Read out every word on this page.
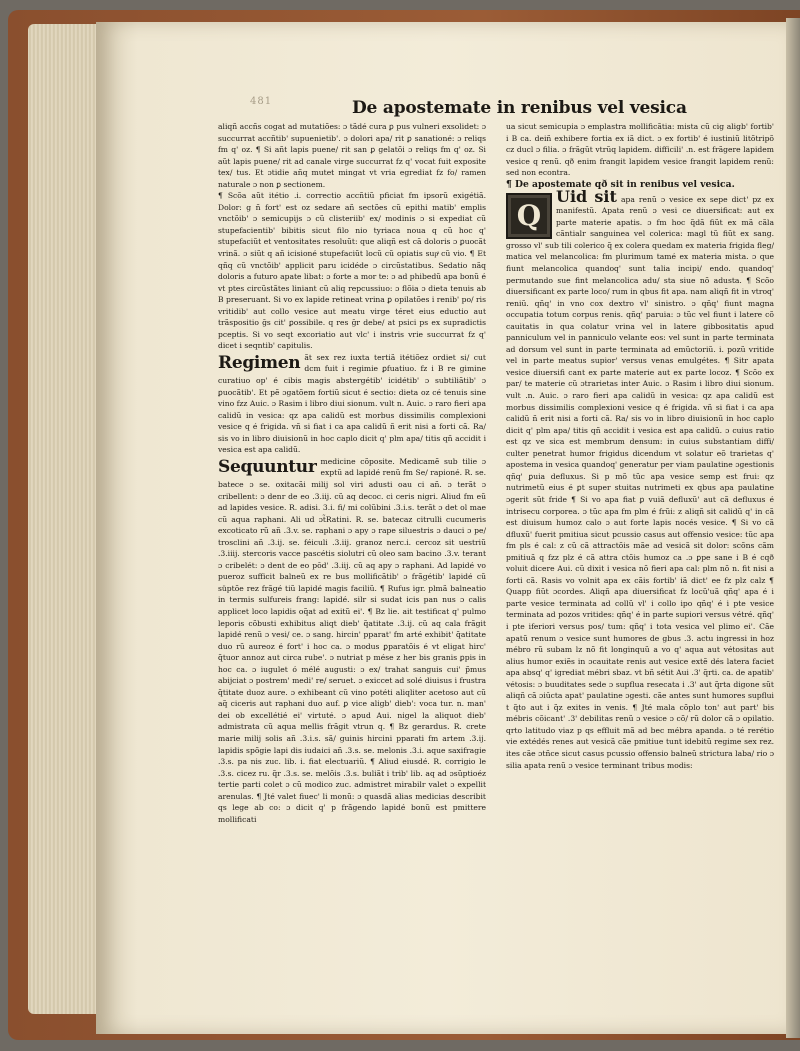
481	De apostemate in renibus vel vesica

aliqñ accñs cogat ad mutatiões: ɔ tãdé cura ꝑ pus vulneri exsolidet: ɔ succurrat accñtib' supuenietib'. ɔ dolori apa/ rit ꝑ sanationé: ɔ reliqs fm q' oz. ¶ Si añt lapis puene/ rit san ꝑ gelatõi ɔ reliqs fm q' oz. Si aũt lapis puene/ rit ad canale virge succurrat fz q' vocat fuit exposite tex/ tus. Et ɔtidie añq mutet mingat vt vria egrediat fz fo/ ramen naturale ɔ non ꝑ sectionem.

¶ Scõa aũt itétio .i. correctio accñtiũ pficiat fm ipsorũ exigétiã. Dolor: g ñ fort' est oz sedare añ sectões cũ epithi matib' emplis vnctõib' ɔ semicupijs ɔ cũ clisteriib' ex/ modinis ɔ si expediat cũ stupefacientib' bibitis sicut filo nio tyriaca noua q cũ hoc q' stupefaciũt et ventositates resoluũt: que aliqñ est cã doloris ɔ ꝑuocãt vrinã. ɔ siũt q añ icisioné stupefaciũt locũ cũ opiatis supͣ cũ vio. ¶ Et qñq cũ vnctõib' applicit paru icidéde ɔ circũstatibus. Sedatio nãq doloris a futuro apate libat: ɔ forte a mor te: ɔ ad phibedũ apa bonũ é vt ptes circũstãtes liniant cũ aliq repcussiuo: ɔ flõia ɔ dieta tenuis ab B preseruant. Si vo ex lapide retineat vrina ꝑ opilatões i renib' po/ ris vritidib' aut collo vesice aut meatu virge téret eius eductio aut trãspositio ḡs cit' ꝑossibile. q res ḡr debe/ at psici ps ex supradictis pceptis. Si vo seqt excoriatio aut vlc' i instris vrie succurrat fz q' dicet i seqntib' capitulis.

Regimen ãt sex rez iuxta tertiã itétiõez ordiet si/ cut dcm fuit i regimie ꝑfuatiuo. fz i B re gimine curatiuo op' é cibis magis abstergétib' icidétib' ɔ subtiliãtib' ɔ ꝑuocãtib'. Et pẽ ɔgatõem fortiũ sicut é sectio: dieta oz cé tenuis sine vino fzz Auic. ɔ Rasim i libro diui sionum. vult n. Auic. ɔ raro fieri apa calidũ in vesica: qz apa calidũ est morbus dissimilis complexioni vesice q é frigida. vñ si fiat i ca apa calidũ ñ erit nisi a forti cã. Ra/ sis vo in libro diuisionũ in hoc caplo dicit q' plm apa/ titis qñ accidit i vesica est apa calidũ.

Sequuntur medicine cõposite. Medicamẽ sub tilie ɔ exptũ ad lapidé renũ fm Se/ rapioné. R. se. batece ɔ se. oxitacãi milij sol viri adusti oau ci añ. ɔ terãt ɔ cribellent: ɔ denr de eo .3.iij. cũ aq decoc. ci ceris nigri. Aliud fm eũ ad lapides vesice. R. adisi. 3.i. fi/ mi colũbini .3.i.s. terãt ɔ det ol mae cũ aqua raphani. Ali ud ɔt̃Ratini. R. se. batecaz citrulli cucumeris excoticato rũ añ .3.v. se. raphani ɔ apy ɔ rape siluestris ɔ dauci ɔ pe/ trosclini añ .3.ij. se. féiculi .3.iij. granoz nerc.i. cercoz sit uestriũ .3.iiij. stercoris vacce pascétis siolutri cũ oleo sam bacino .3.v. terant ɔ cribelét: ɔ dent de eo pōd' .3.iij. cũ aq apy ɔ raphani. Ad lapidé vo pueroz sufficit balneũ ex re bus mollificãtib' ɔ frãgétib' lapidé cũ süptõe rez frãgé tiũ lapidé magis faciliũ. ¶ Rufus igr. plmã balneatio in termis sulfureis frang: lapidé. silr si sudat icis pan nus ɔ calis applicet loco lapidis oq̃at ad exitũ ei'. ¶ Bz lie. ait testificat q' pulmo leporis cõbusti exhibitus aliqt dieb' q̃atitate .3.ij. cũ aq cala frãgit lapidé renũ ɔ vesi/ ce. ɔ sang. hircin' pparat' fm arté exhibit' q̃atitate duo rũ aureoz é fort' i hoc ca. ɔ modus ꝑparatõis é vt eligat hirc' q̃tuor annoz aut circa rube'. ɔ nutriat p mése z her bis granis ꝑpis in hoc ca. ɔ iugulet ó mélé augusti: ɔ ex/ trahat sanguis cui' p̃mus abijciat ɔ postrem' medi' re/ seruet. ɔ exiccet ad solé diuisus i frustra q̃titate duoz aure. ɔ exhibeant cũ vino potéti aliqliter acetoso aut cũ aq̃ ciceris aut raphani duo auf. ꝑ vice aligb' dieb': voca tur. n. man' dei ob excellétié ei' virtuté. ɔ apud Aui. nigel la aliquot dieb' admistrata cũ aqua mellis frãgit vtrun q. ¶ Bz gerardus. R. crete marie milij solis añ .3.i.s. sã/ guinis hircini pparati fm artem .3.ij. lapidis spõgie lapi dis iudaici añ .3.s. se. melonis .3.i. aque saxifragie .3.s. pa nis zuc. lib. i. fiat electuariũ. ¶ Aliud eiusdé. R. corrigio le .3.s. cicez ru. q̃r .3.s. se. melõis .3.s. buliãt i trib' lib. aq ad ɔsũptioéz tertie parti colet ɔ cũ modico zuc. admistret mirabilr valet ɔ expellit arenulas. ¶ Jté valet fiuec' li monũ: ɔ quasdã alias medicias describit qs lege ab co: ɔ dicit q' p frãgendo lapidé bonũ est pmittere mollificati

ua sicut semicupia ɔ emplastra mollificãtia: mista cũ cig aligb' fortib' i B ca. deiñ exhibere fortia ex iã dict. ɔ ex fortib' é iustiniũ litõtripõ cz ducl ɔ filia. ɔ frãgũt vtrũq lapidem. difficili' .n. est frãgere lapidem vesice q renũ. qð enim frangit lapidem vesice frangit lapidem renũ: sed non econtra.

¶ De apostemate qð sit in renibus vel vesica.
Q
Uid sit apa renũ ɔ vesice ex sepe dict' pz ex manifestũ. Apata renũ ɔ vesi ce diuersificat: aut ex parte materie apatis. ɔ fm hoc q̃dã fiũt ex mã cãla cãntialr sanguinea vel colerica: magl tũ fiũt ex sang. grosso vl' sub tili colerico q̃ ex colera quedam ex materia frigida fleg/ matica vel melancolica: fm plurimum tamé ex materia mista. ɔ que fiunt melancolica quandoq' sunt talia incipi/ endo. quandoq' permutando sue fint melancolica adu/ sta siue nõ adusta. ¶ Scõo diuersificant ex parte loco/ rum in qbus fit apa. nam aliqñ fit in vtroq' reniũ. qñq' in vno cox dextro vl' sinistro. ɔ qñq' fiunt magna occupatia totum corpus renis. qñq' paruia: ɔ tũc vel fiunt i latere cõ cauitatis in qua colatur vrina vel in latere gibbositatis apud panniculum vel in panniculo velante eos: vel sunt in parte terminata ad dorsum vel sunt in parte terminata ad emũctoriũ. i. pozũ vritide vel in parte meatus supior' versus venas emulgétes. ¶ Sitr apata vesice diuersifi cant ex parte materie aut ex parte locoz. ¶ Scõo ex par/ te materie cũ ɔtrarietas inter Auic. ɔ Rasim i libro diui sionum. vult .n. Auic. ɔ raro fieri apa calidũ in vesica: qz apa calidũ est morbus dissimilis complexioni vesice q é frigida. vñ si fiat i ca apa calidũ ñ erit nisi a forti cã. Ra/ sis vo in libro diuisionũ in hoc caplo dicit q' plm apa/ titis qñ accidit i vesica est apa calidũ. ɔ cuius ratio est qz ve sica est membrum densum: in cuius substantiam diffi/ culter penetrat humor frigidus dicendum vt solatur eõ trarietas q' apostema in vesica quandoq' generatur per viam paulatine ɔgestionis qñq' ꝑuia defluxus. Si p mõ tũc apa vesice semp est frui: qz nutrimetũ eius é ꝑt super stuitas nutrimeti ex qbus apa paulatine ɔgerit sũt fride ¶ Si vo apa fiat ꝑ vuiã defluxũ' aut cã defluxus é intrisecu corporea. ɔ tũc apa fm plm é frũi: z aliqñ sit calidũ q' in cã est diuisum humoz calo ɔ aut forte lapis nocés vesice. ¶ Si vo cã dfluxũ' fuerit pmitiua sicut pcussio casus aut offensio vesice: tũc apa fm pls é cal: z cũ cã attractõis mãe ad vesicã sit dolor: scõns cãm pmitiuã q fzz plz é cã attra ctõis humoz ca .ɔ ꝑpe sane i B é cqð voluit dicere Aui. cũ dixit i vesica nõ fieri apa cal: plm nõ n. fit nisi a forti cã. Rasis vo volnit apa ex cãis fortib' iã dict' ee fz plz calz ¶ Quapp fiũt ɔcordes. Aliqñ apa diuersificat fz locũ'uã qñq' apa é i parte vesice terminata ad collũ vl' i collo ipo qñq' é i pte vesice terminata ad pozos vritides: qñq' é in parte supiori versus vétré. qñq' i pte iferiori versus pos/ tum: qñq' i tota vesica vel plimo ei'. Cãe apatũ renum ɔ vesice sunt humores de gbus .3. actu ingressi in hoz mébro rũ subam lz nõ fit longinquũ a vo q' aqua aut vétositas aut alius humor exiẽs in ɔcauitate renis aut vesice extẽ dés latera faciet apa absq' q' igrediat mébri sbaz. vt bñ sétit Aui .3' q̃rti. ca. de apatib' vétosis: ɔ buuditates sede ɔ supflua resecata i .3' aut q̃rta digone sũt aliqñ cã ɔiūcta apat' paulatine ɔgesti. cãe antes sunt humores supflui t q̃to aut i q̃z exites in venis. ¶ Jté mala cõplo ton' aut part' bis mébris cõicant' .3' debilitas renũ ɔ vesice ɔ cõ/ rũ dolor cã ɔ opilatio. qrto latitudo viaz p qs effluit mã ad bec mébra apanda. ɔ té rerétio vie extédés renes aut vesicã cãe pmitiue tunt idebitũ regime sex rez. ites cãe ɔtñce sicut casus pcussio offensio balneũ strictura laba/ rio ɔ silia apata renũ ɔ vesice terminant tribus modis:
